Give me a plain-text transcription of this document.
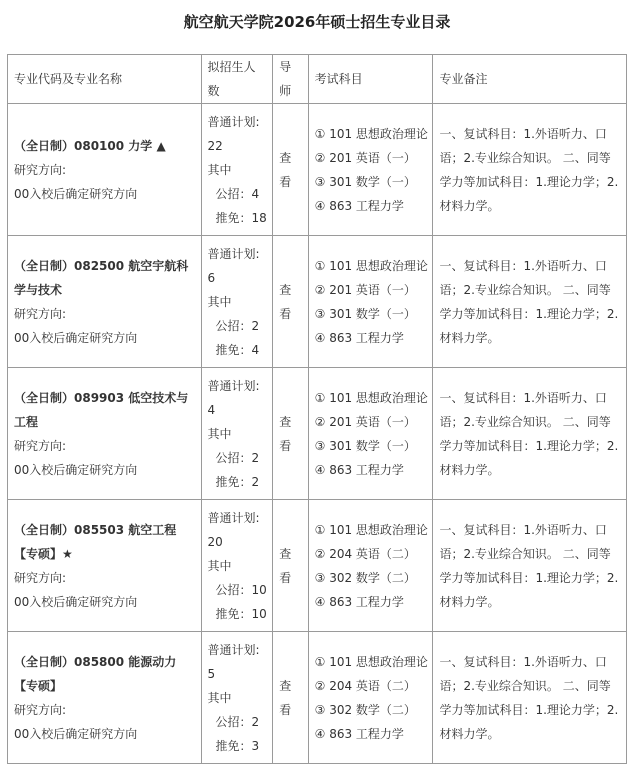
航空航天学院2026年硕士招生专业目录
专业代码及专业名称	拟招生人数	导师	考试科目	专业备注

（全日制）080100 力学 ▲
研究方向:
00入校后确定研究方向	普通计划:
22
其中
公招：4
推免：18	查看	① 101 思想政治理论
② 201 英语（一）
③ 301 数学（一）
④ 863 工程力学	一、复试科目：1.外语听力、口语；2.专业综合知识。 二、同等学力等加试科目：1.理论力学；2.材料力学。

（全日制）082500 航空宇航科学与技术
研究方向:
00入校后确定研究方向	普通计划:
6
其中
公招：2
推免：4	查看	① 101 思想政治理论
② 201 英语（一）
③ 301 数学（一）
④ 863 工程力学	一、复试科目：1.外语听力、口语；2.专业综合知识。 二、同等学力等加试科目：1.理论力学；2.材料力学。

（全日制）089903 低空技术与工程
研究方向:
00入校后确定研究方向	普通计划:
4
其中
公招：2
推免：2	查看	① 101 思想政治理论
② 201 英语（一）
③ 301 数学（一）
④ 863 工程力学	一、复试科目：1.外语听力、口语；2.专业综合知识。 二、同等学力等加试科目：1.理论力学；2.材料力学。

（全日制）085503 航空工程 【专硕】★
研究方向:
00入校后确定研究方向	普通计划:
20
其中
公招：10
推免：10	查看	① 101 思想政治理论
② 204 英语（二）
③ 302 数学（二）
④ 863 工程力学	一、复试科目：1.外语听力、口语；2.专业综合知识。 二、同等学力等加试科目：1.理论力学；2.材料力学。

（全日制）085800 能源动力 【专硕】
研究方向:
00入校后确定研究方向	普通计划:
5
其中
公招：2
推免：3	查看	① 101 思想政治理论
② 204 英语（二）
③ 302 数学（二）
④ 863 工程力学	一、复试科目：1.外语听力、口语；2.专业综合知识。 二、同等学力等加试科目：1.理论力学；2.材料力学。
